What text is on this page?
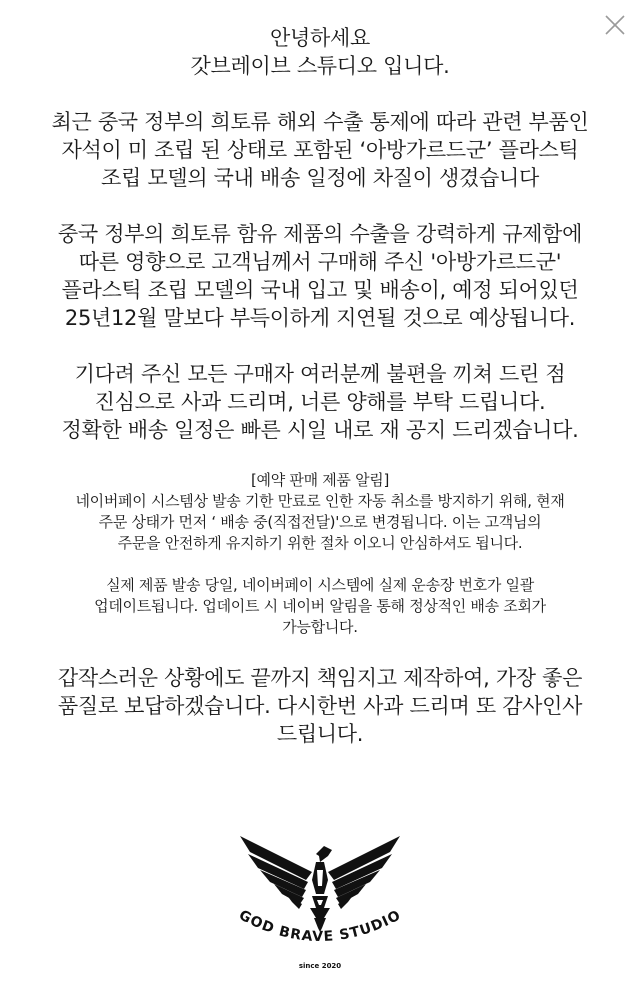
안녕하세요
갓브레이브 스튜디오 입니다.

최근 중국 정부의 희토류 해외 수출 통제에 따라 관련 부품인
자석이 미 조립 된 상태로 포함된 ‘아방가르드군’ 플라스틱
조립 모델의 국내 배송 일정에 차질이 생겼습니다

중국 정부의 희토류 함유 제품의 수출을 강력하게 규제함에
따른 영향으로 고객님께서 구매해 주신 '아방가르드군'
플라스틱 조립 모델의 국내 입고 및 배송이, 예정 되어있던
25년12월 말보다 부득이하게 지연될 것으로 예상됩니다.

기다려 주신 모든 구매자 여러분께 불편을 끼쳐 드린 점
진심으로 사과 드리며, 너른 양해를 부탁 드립니다.
정확한 배송 일정은 빠른 시일 내로 재 공지 드리겠습니다.

[예약 판매 제품 알림]
네이버페이 시스템상 발송 기한 만료로 인한 자동 취소를 방지하기 위해, 현재
주문 상태가 먼저 ‘ 배송 중(직접전달)'으로 변경됩니다. 이는 고객님의
주문을 안전하게 유지하기 위한 절차 이오니 안심하셔도 됩니다.

실제 제품 발송 당일, 네이버페이 시스템에 실제 운송장 번호가 일괄
업데이트됩니다. 업데이트 시 네이버 알림을 통해 정상적인 배송 조회가
가능합니다.

갑작스러운 상황에도 끝까지 책임지고 제작하여, 가장 좋은
품질로 보답하겠습니다. 다시한번 사과 드리며 또 감사인사
드립니다.

GOD BRAVE STUDIO
since 2020
